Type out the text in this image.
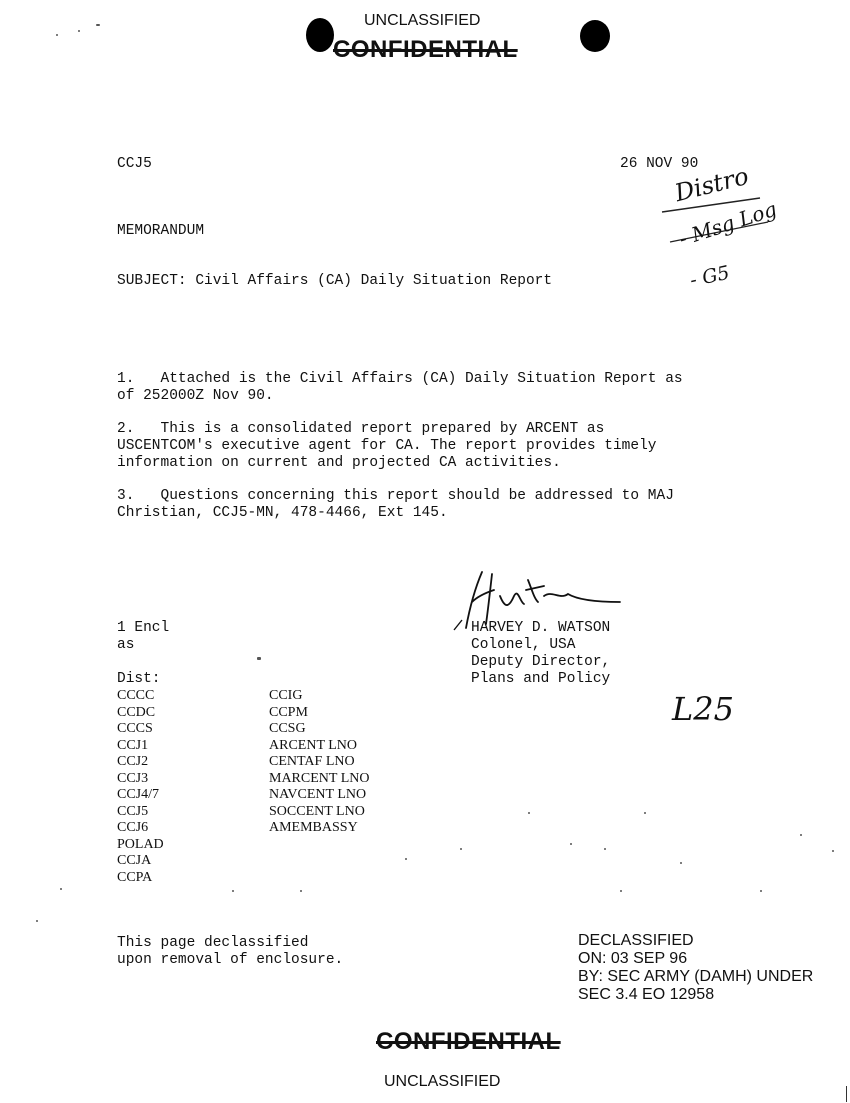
UNCLASSIFIED
CONFIDENTIAL
CCJ5	26 NOV 90
MEMORANDUM
SUBJECT: Civil Affairs (CA) Daily Situation Report
Distro
- Msg Log
- G5
1.   Attached is the Civil Affairs (CA) Daily Situation Report as
of 252000Z Nov 90.
2.   This is a consolidated report prepared by ARCENT as
USCENTCOM's executive agent for CA. The report provides timely
information on current and projected CA activities.
3.   Questions concerning this report should be addressed to MAJ
Christian, CCJ5-MN, 478-4466, Ext 145.
HARVEY D. WATSON
Colonel, USA
Deputy Director,
Plans and Policy
1 Encl
as
Dist:
CCCC
CCDC
CCCS
CCJ1
CCJ2
CCJ3
CCJ4/7
CCJ5
CCJ6
POLAD
CCJA
CCPA
CCIG
CCPM
CCSG
ARCENT LNO
CENTAF LNO
MARCENT LNO
NAVCENT LNO
SOCCENT LNO
AMEMBASSY
L25
This page declassified
upon removal of enclosure.
DECLASSIFIED
ON: 03 SEP 96
BY: SEC ARMY (DAMH) UNDER
SEC 3.4 EO 12958
CONFIDENTIAL
UNCLASSIFIED
